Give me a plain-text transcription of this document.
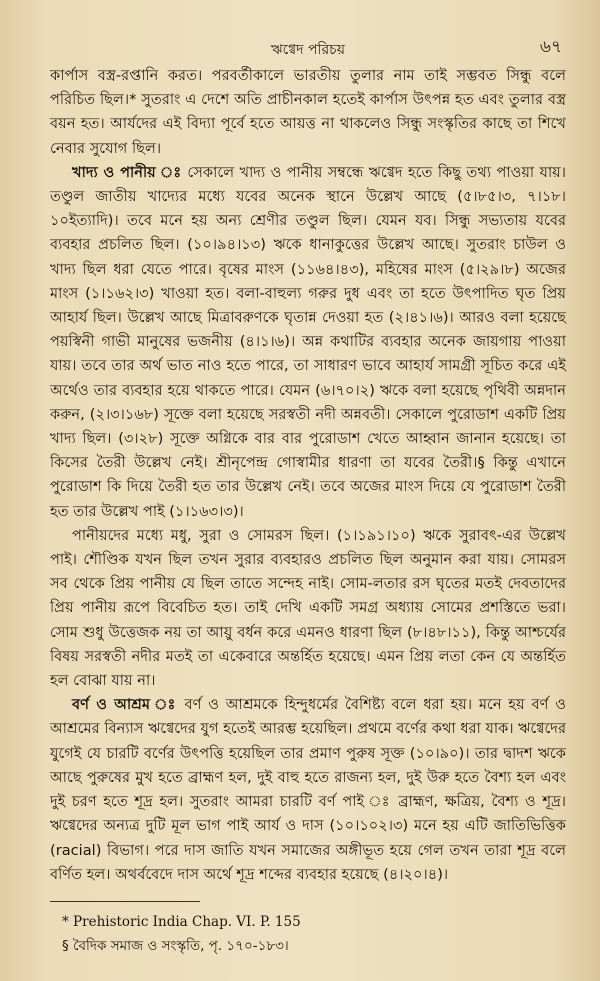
ঋগ্বেদ পরিচয়	৬৭

কার্পাস বস্ত্র-রপ্তানি করত। পরবর্তীকালে ভারতীয় তুলার নাম তাই সম্ভবত সিন্ধু বলে পরিচিত ছিল।* সুতরাং এ দেশে অতি প্রাচীনকাল হতেই কার্পাস উৎপন্ন হত এবং তুলার বস্ত্র বয়ন হত। আর্যদের এই বিদ্যা পূর্বে হতে আয়ত্ত না থাকলেও সিন্ধু সংস্কৃতির কাছে তা শিখে নেবার সুযোগ ছিল।

খাদ্য ও পানীয় ঃ সেকালে খাদ্য ও পানীয় সম্বন্ধে ঋগ্বেদ হতে কিছু তথ্য পাওয়া যায়। তণ্ডুল জাতীয় খাদ্যের মধ্যে যবের অনেক স্থানে উল্লেখ আছে (৫।৮৫।৩, ৭।১৮।১০ইত্যাদি)। তবে মনে হয় অন্য শ্রেণীর তণ্ডুল ছিল। যেমন যব। সিন্ধু সভ্যতায় যবের ব্যবহার প্রচলিত ছিল। (১০।৯৪।১৩) ঋকে ধানাকুত্তের উল্লেখ আছে। সুতরাং চাউল ও খাদ্য ছিল ধরা যেতে পারে। বৃষের মাংস (১১৬৪।৪৩), মহিষের মাংস (৫।২৯।৮) অজের মাংস (১।১৬২।৩) খাওয়া হত। বলা-বাহুল্য গরুর দুধ এবং তা হতে উৎপাদিত ঘৃত প্রিয় আহার্য ছিল। উল্লেখ আছে মিত্রাবরুণকে ঘৃতান্ন দেওয়া হত (২।৪১।৬)। আরও বলা হয়েছে পয়স্বিনী গাভী মানুষের ভজনীয় (৪।১।৬)। অন্ন কথাটির ব্যবহার অনেক জায়গায় পাওয়া যায়। তবে তার অর্থ ভাত নাও হতে পারে, তা সাধারণ ভাবে আহার্য সামগ্রী সূচিত করে এই অর্থেও তার ব্যবহার হয়ে থাকতে পারে। যেমন (৬।৭০।২) ঋকে বলা হয়েছে পৃথিবী অন্নদান করুন, (২।৩।১৬৮) সূক্তে বলা হয়েছে সরস্বতী নদী অন্নবতী। সেকালে পুরোডাশ একটি প্রিয় খাদ্য ছিল। (৩।২৮) সূক্তে অগ্নিকে বার বার পুরোডাশ খেতে আহ্বান জানান হয়েছে। তা কিসের তৈরী উল্লেখ নেই। শ্রীনৃপেন্দ্র গোস্বামীর ধারণা তা যবের তৈরী।§ কিন্তু এখানে পুরোডাশ কি দিয়ে তৈরী হত তার উল্লেখ নেই। তবে অজের মাংস দিয়ে যে পুরোডাশ তৈরী হত তার উল্লেখ পাই (১।১৬৩।৩)।

পানীয়দের মধ্যে মধু, সুরা ও সোমরস ছিল। (১।১৯১।১০) ঋকে সুরাবৎ-এর উল্লেখ পাই। শৌণ্ডিক যখন ছিল তখন সুরার ব্যবহারও প্রচলিত ছিল অনুমান করা যায়। সোমরস সব থেকে প্রিয় পানীয় যে ছিল তাতে সন্দেহ নাই। সোম-লতার রস ঘৃতের মতই দেবতাদের প্রিয় পানীয় রূপে বিবেচিত হত। তাই দেখি একটি সমগ্র অধ্যায় সোমের প্রশস্তিতে ভরা। সোম শুধু উত্তেজক নয় তা আয়ু বর্ধন করে এমনও ধারণা ছিল (৮।৪৮।১১), কিন্তু আশ্চর্যের বিষয় সরস্বতী নদীর মতই তা একেবারে অন্তর্হিত হয়েছে। এমন প্রিয় লতা কেন যে অন্তর্হিত হল বোঝা যায় না।

বর্ণ ও আশ্রম ঃ বর্ণ ও আশ্রমকে হিন্দুধর্মের বৈশিষ্ট্য বলে ধরা হয়। মনে হয় বর্ণ ও আশ্রমের বিন্যাস ঋগ্বেদের যুগ হতেই আরম্ভ হয়েছিল। প্রথমে বর্ণের কথা ধরা যাক। ঋগ্বেদের যুগেই যে চারটি বর্ণের উৎপত্তি হয়েছিল তার প্রমাণ পুরুষ সূক্ত (১০।৯০)। তার দ্বাদশ ঋকে আছে পুরুষের মুখ হতে ব্রাহ্মণ হল, দুই বাহু হতে রাজন্য হল, দুই উরু হতে বৈশ্য হল এবং দুই চরণ হতে শূদ্র হল। সুতরাং আমরা চারটি বর্ণ পাই ঃ ব্রাহ্মণ, ক্ষত্রিয়, বৈশ্য ও শূদ্র। ঋগ্বেদের অন্যত্র দুটি মূল ভাগ পাই আর্য ও দাস (১০।১০২।৩) মনে হয় এটি জাতিভিত্তিক (racial) বিভাগ। পরে দাস জাতি যখন সমাজের অঙ্গীভূত হয়ে গেল তখন তারা শূদ্র বলে বর্ণিত হল। অথর্ববেদে দাস অর্থে শূদ্র শব্দের ব্যবহার হয়েছে (৪।২০।৪)।

* Prehistoric India Chap. VI. P. 155

§ বৈদিক সমাজ ও সংস্কৃতি, পৃ. ১৭০-১৮৩।
